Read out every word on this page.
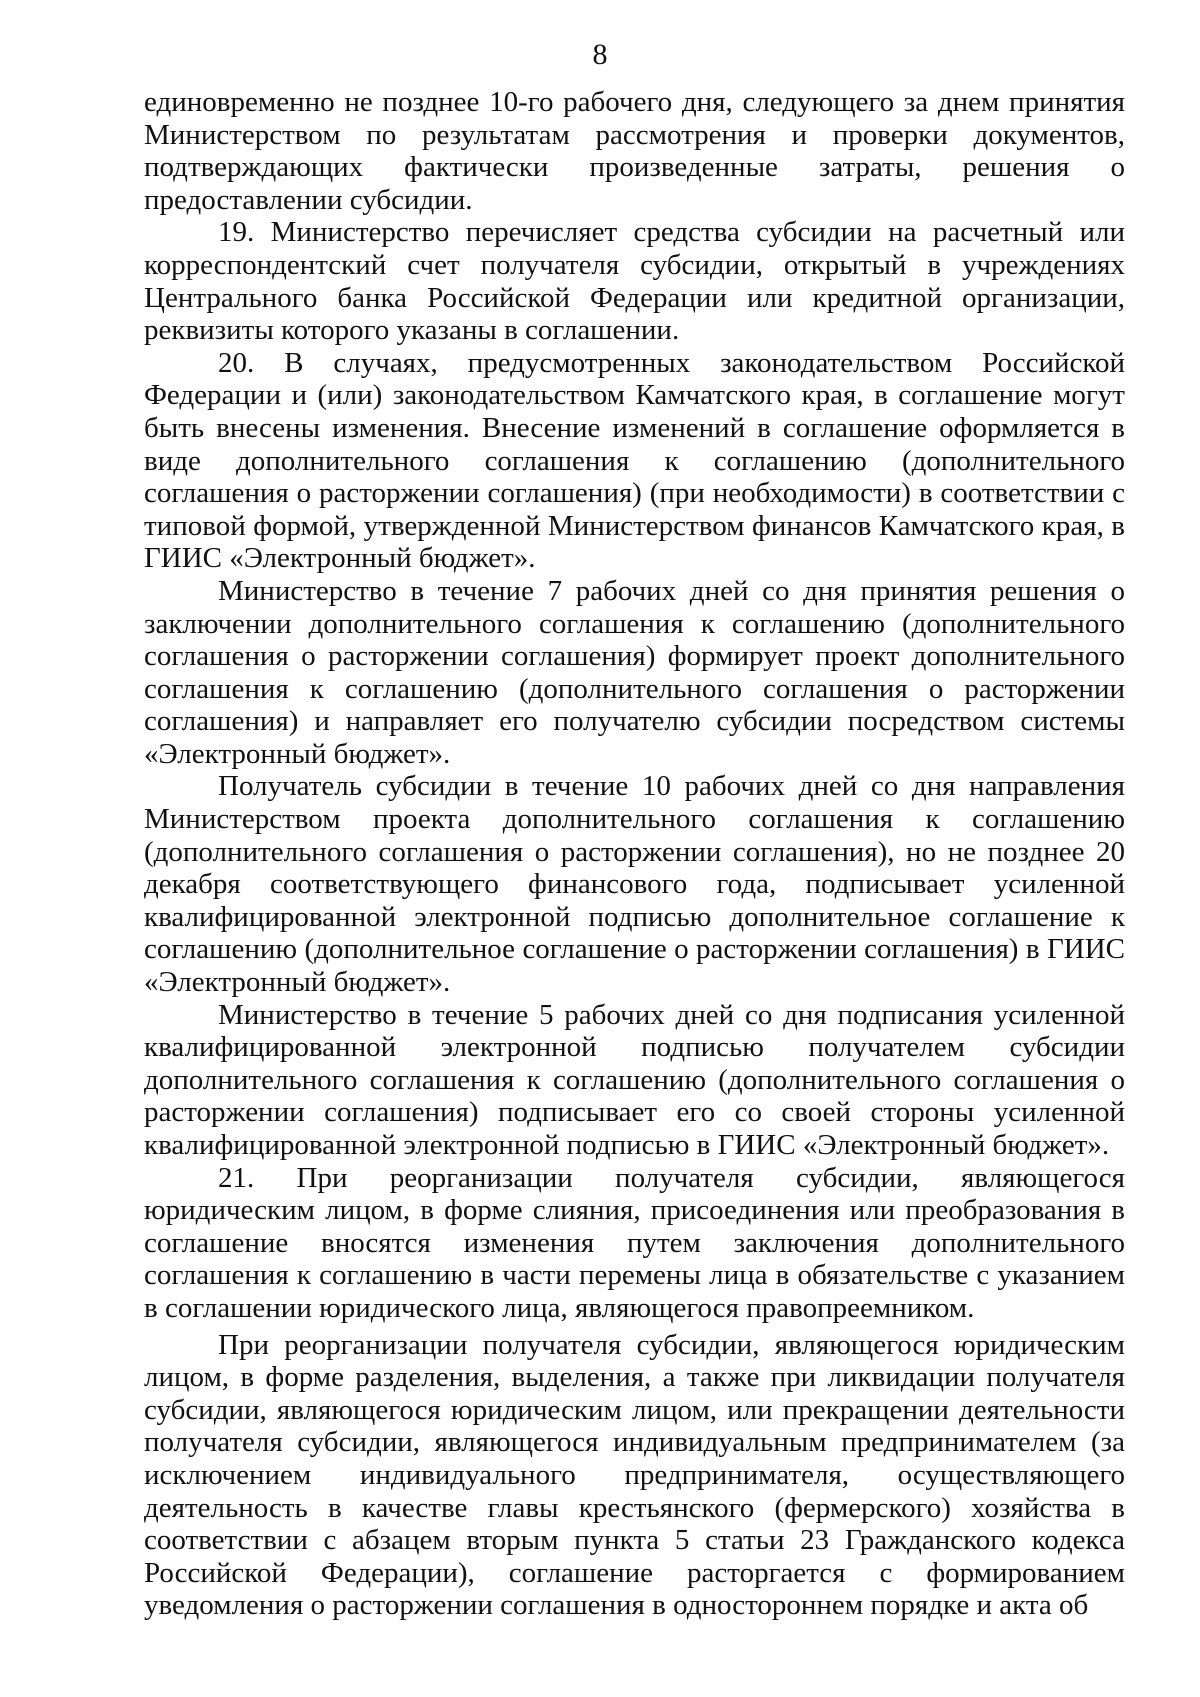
8

единовременно не позднее 10-го рабочего дня, следующего за днем принятия Министерством по результатам рассмотрения и проверки документов, подтверждающих фактически произведенные затраты, решения о предоставлении субсидии.

19. Министерство перечисляет средства субсидии на расчетный или корреспондентский счет получателя субсидии, открытый в учреждениях Центрального банка Российской Федерации или кредитной организации, реквизиты которого указаны в соглашении.

20. В случаях, предусмотренных законодательством Российской Федерации и (или) законодательством Камчатского края, в соглашение могут быть внесены изменения. Внесение изменений в соглашение оформляется в виде дополнительного соглашения к соглашению (дополнительного соглашения о расторжении соглашения) (при необходимости) в соответствии с типовой формой, утвержденной Министерством финансов Камчатского края, в ГИИС «Электронный бюджет».

Министерство в течение 7 рабочих дней со дня принятия решения о заключении дополнительного соглашения к соглашению (дополнительного соглашения о расторжении соглашения) формирует проект дополнительного соглашения к соглашению (дополнительного соглашения о расторжении соглашения) и направляет его получателю субсидии посредством системы «Электронный бюджет».

Получатель субсидии в течение 10 рабочих дней со дня направления Министерством проекта дополнительного соглашения к соглашению (дополнительного соглашения о расторжении соглашения), но не позднее 20 декабря соответствующего финансового года, подписывает усиленной квалифицированной электронной подписью дополнительное соглашение к соглашению (дополнительное соглашение о расторжении соглашения) в ГИИС «Электронный бюджет».

Министерство в течение 5 рабочих дней со дня подписания усиленной квалифицированной электронной подписью получателем субсидии дополнительного соглашения к соглашению (дополнительного соглашения о расторжении соглашения) подписывает его со своей стороны усиленной квалифицированной электронной подписью в ГИИС «Электронный бюджет».

21. При реорганизации получателя субсидии, являющегося юридическим лицом, в форме слияния, присоединения или преобразования в соглашение вносятся изменения путем заключения дополнительного соглашения к соглашению в части перемены лица в обязательстве с указанием в соглашении юридического лица, являющегося правопреемником.

При реорганизации получателя субсидии, являющегося юридическим лицом, в форме разделения, выделения, а также при ликвидации получателя субсидии, являющегося юридическим лицом, или прекращении деятельности получателя субсидии, являющегося индивидуальным предпринимателем (за исключением индивидуального предпринимателя, осуществляющего деятельность в качестве главы крестьянского (фермерского) хозяйства в соответствии с абзацем вторым пункта 5 статьи 23 Гражданского кодекса Российской Федерации), соглашение расторгается с формированием уведомления о расторжении соглашения в одностороннем порядке и акта об
